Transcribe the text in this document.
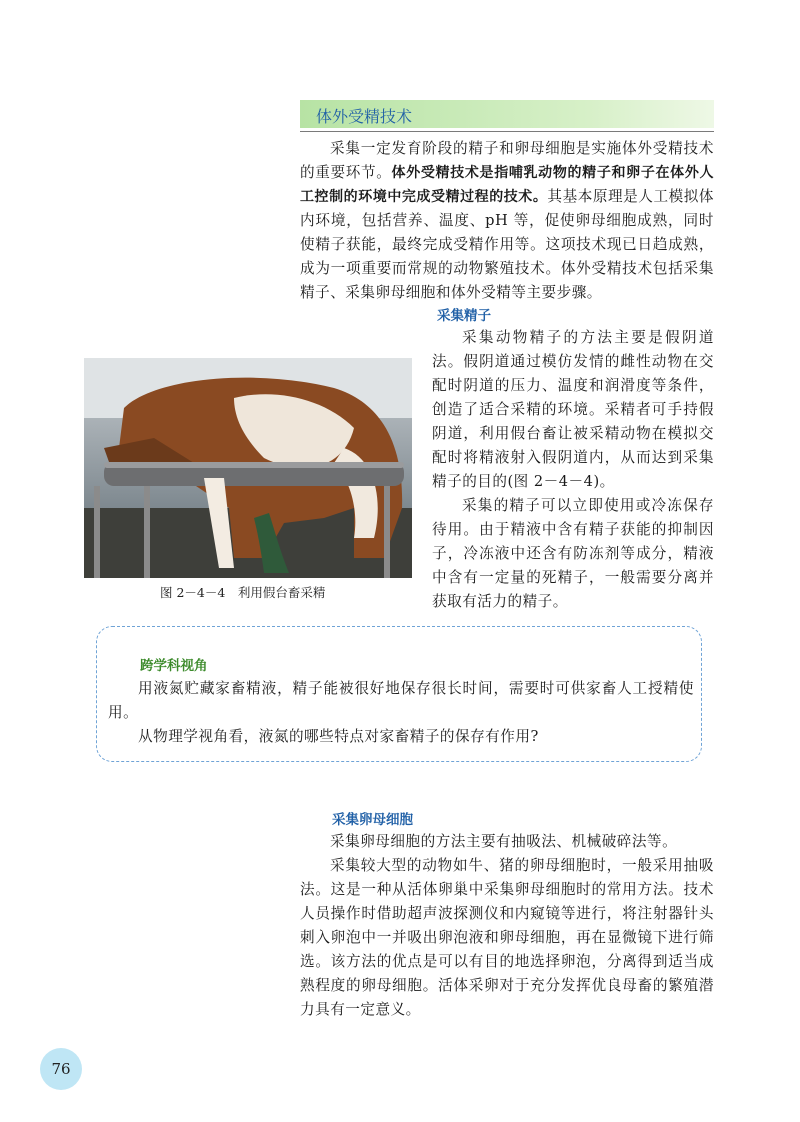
体外受精技术
采集一定发育阶段的精子和卵母细胞是实施体外受精技术的重要环节。体外受精技术是指哺乳动物的精子和卵子在体外人工控制的环境中完成受精过程的技术。其基本原理是人工模拟体内环境，包括营养、温度、pH 等，促使卵母细胞成熟，同时使精子获能，最终完成受精作用等。这项技术现已日趋成熟，成为一项重要而常规的动物繁殖技术。体外受精技术包括采集精子、采集卵母细胞和体外受精等主要步骤。
采集精子
采集动物精子的方法主要是假阴道法。假阴道通过模仿发情的雌性动物在交配时阴道的压力、温度和润滑度等条件，创造了适合采精的环境。采精者可手持假阴道，利用假台畜让被采精动物在模拟交配时将精液射入假阴道内，从而达到采集精子的目的(图 2－4－4)。
采集的精子可以立即使用或冷冻保存待用。由于精液中含有精子获能的抑制因子，冷冻液中还含有防冻剂等成分，精液中含有一定量的死精子，一般需要分离并获取有活力的精子。
图 2－4－4　利用假台畜采精
跨学科视角
用液氮贮藏家畜精液，精子能被很好地保存很长时间，需要时可供家畜人工授精使用。
从物理学视角看，液氮的哪些特点对家畜精子的保存有作用?
采集卵母细胞
采集卵母细胞的方法主要有抽吸法、机械破碎法等。
采集较大型的动物如牛、猪的卵母细胞时，一般采用抽吸法。这是一种从活体卵巢中采集卵母细胞时的常用方法。技术人员操作时借助超声波探测仪和内窥镜等进行，将注射器针头刺入卵泡中一并吸出卵泡液和卵母细胞，再在显微镜下进行筛选。该方法的优点是可以有目的地选择卵泡，分离得到适当成熟程度的卵母细胞。活体采卵对于充分发挥优良母畜的繁殖潜力具有一定意义。
76
